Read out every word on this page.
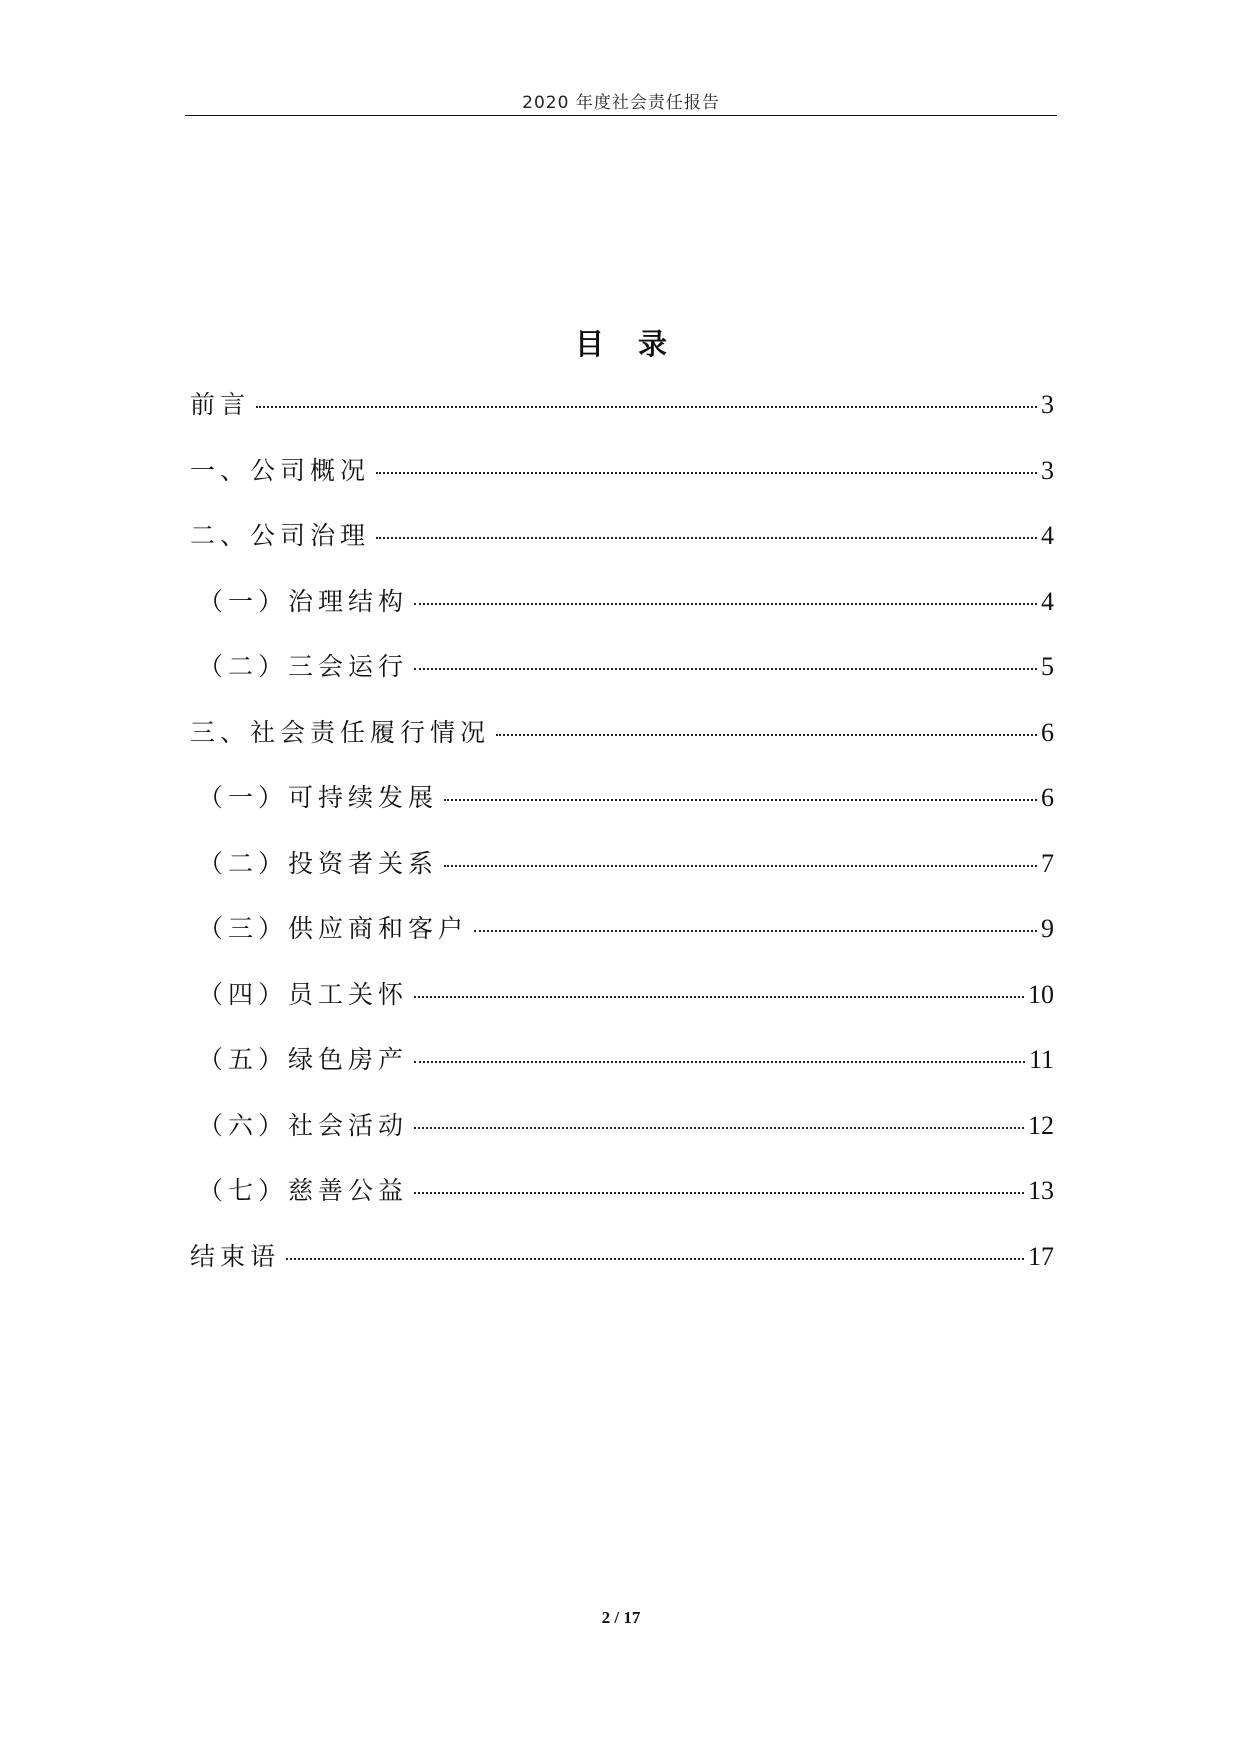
2020 年度社会责任报告
目录
前言	3
一、公司概况	3
二、公司治理	4
（一）治理结构	4
（二）三会运行	5
三、社会责任履行情况	6
（一）可持续发展	6
（二）投资者关系	7
（三）供应商和客户	9
（四）员工关怀	10
（五）绿色房产	11
（六）社会活动	12
（七）慈善公益	13
结束语	17
2 / 17
